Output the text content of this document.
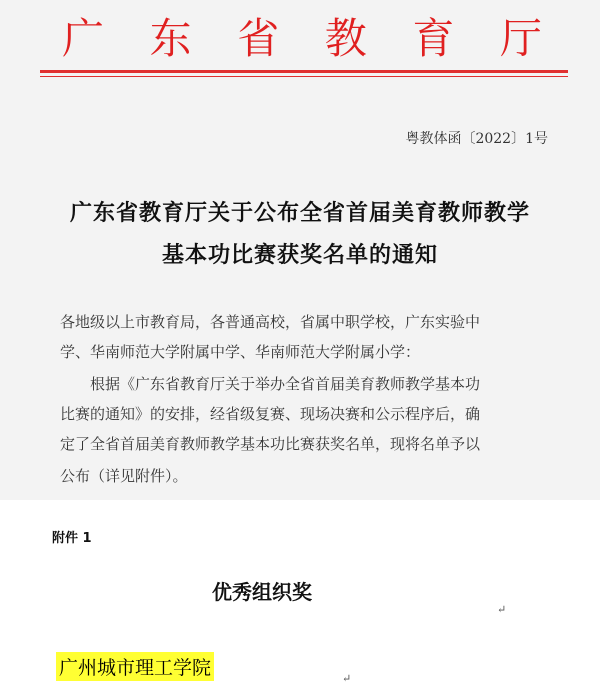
广 东 省 教 育 厅
粤教体函〔2022〕1号
广东省教育厅关于公布全省首届美育教师教学
基本功比赛获奖名单的通知
各地级以上市教育局，各普通高校，省属中职学校，广东实验中
学、华南师范大学附属中学、华南师范大学附属小学：
根据《广东省教育厅关于举办全省首届美育教师教学基本功
比赛的通知》的安排，经省级复赛、现场决赛和公示程序后，确
定了全省首届美育教师教学基本功比赛获奖名单，现将名单予以
公布（详见附件）。
附件 1
优秀组织奖
↵
广州城市理工学院	↵
